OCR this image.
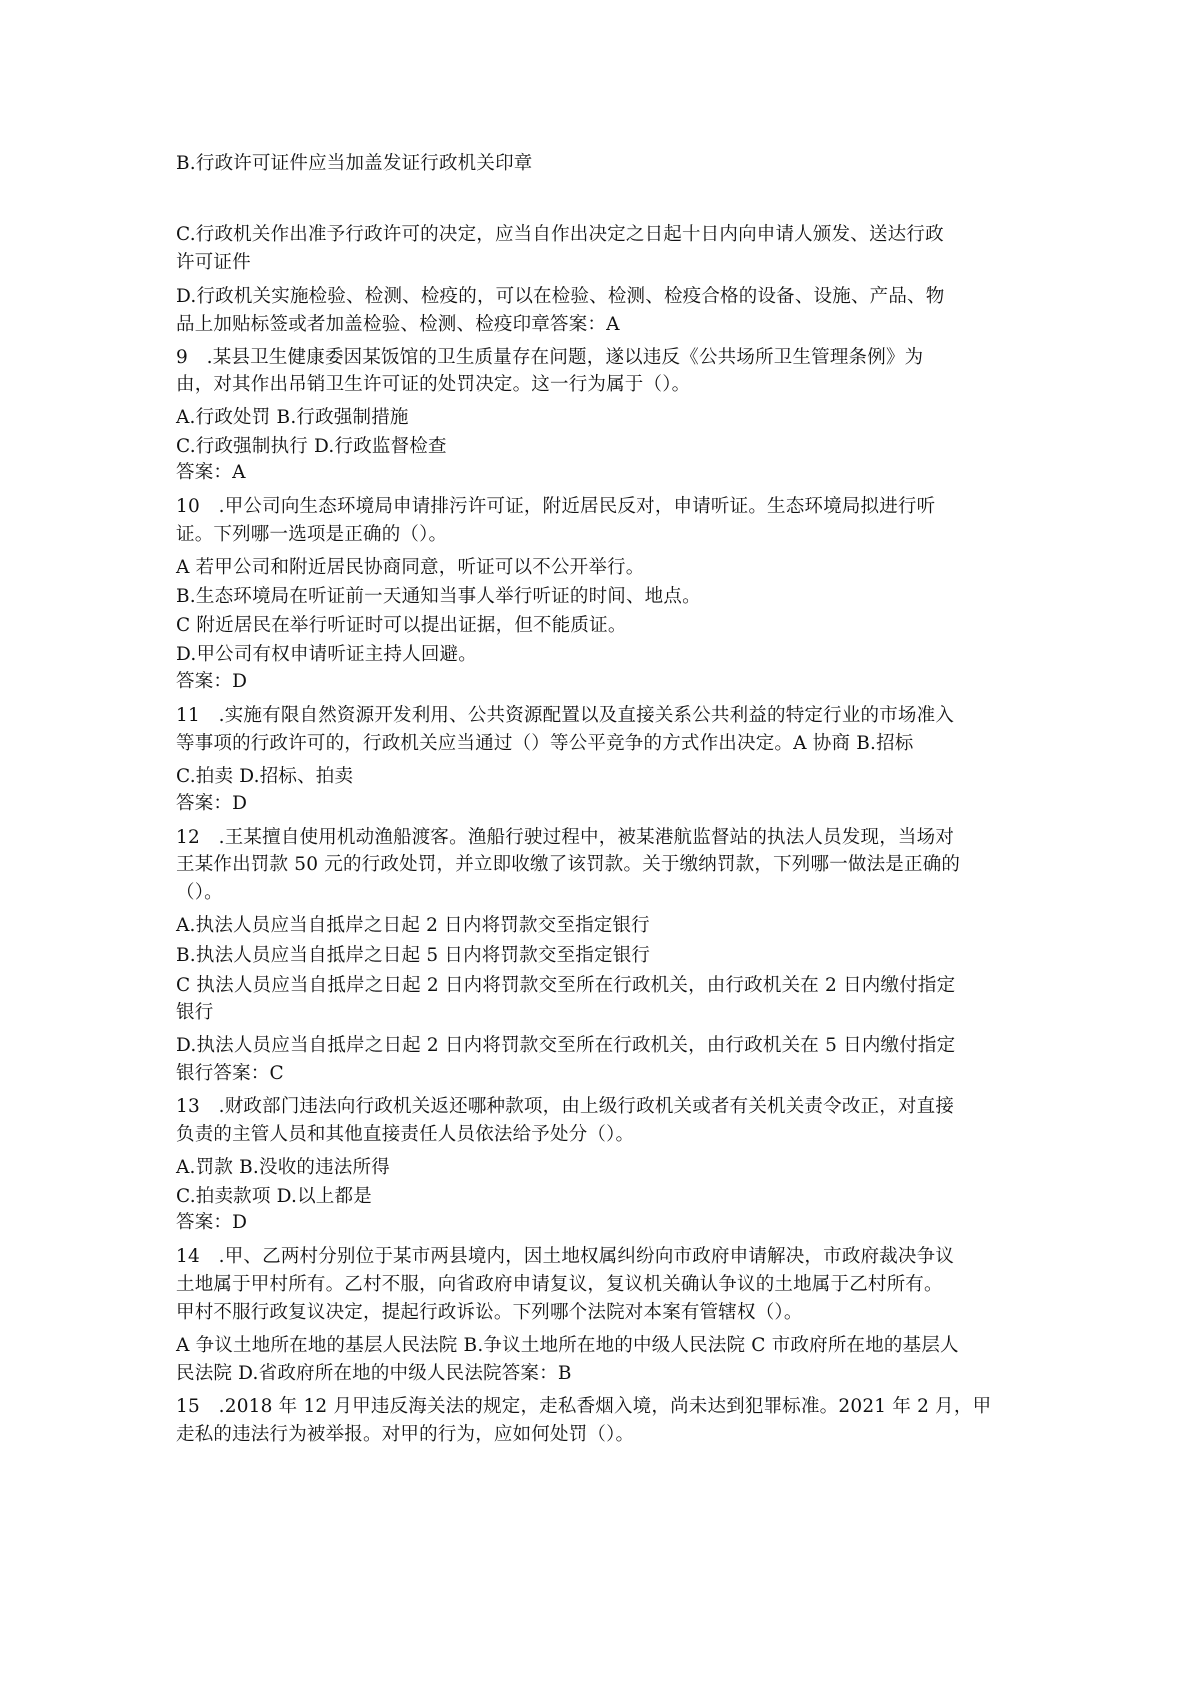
B.行政许可证件应当加盖发证行政机关印章
C.行政机关作出准予行政许可的决定，应当自作出决定之日起十日内向申请人颁发、送达行政
许可证件
D.行政机关实施检验、检测、检疫的，可以在检验、检测、检疫合格的设备、设施、产品、物
品上加贴标签或者加盖检验、检测、检疫印章答案：A
9　.某县卫生健康委因某饭馆的卫生质量存在问题，遂以违反《公共场所卫生管理条例》为
由，对其作出吊销卫生许可证的处罚决定。这一行为属于（）。
A.行政处罚 B.行政强制措施
C.行政强制执行 D.行政监督检查
答案：A
10　.甲公司向生态环境局申请排污许可证，附近居民反对，申请听证。生态环境局拟进行听
证。下列哪一选项是正确的（）。
A 若甲公司和附近居民协商同意，听证可以不公开举行。
B.生态环境局在听证前一天通知当事人举行听证的时间、地点。
C 附近居民在举行听证时可以提出证据，但不能质证。
D.甲公司有权申请听证主持人回避。
答案：D
11　.实施有限自然资源开发利用、公共资源配置以及直接关系公共利益的特定行业的市场准入
等事项的行政许可的，行政机关应当通过（）等公平竞争的方式作出决定。A 协商 B.招标
C.拍卖 D.招标、拍卖
答案：D
12　.王某擅自使用机动渔船渡客。渔船行驶过程中，被某港航监督站的执法人员发现，当场对
王某作出罚款 50 元的行政处罚，并立即收缴了该罚款。关于缴纳罚款，下列哪一做法是正确的
（）。
A.执法人员应当自抵岸之日起 2 日内将罚款交至指定银行
B.执法人员应当自抵岸之日起 5 日内将罚款交至指定银行
C 执法人员应当自抵岸之日起 2 日内将罚款交至所在行政机关，由行政机关在 2 日内缴付指定
银行
D.执法人员应当自抵岸之日起 2 日内将罚款交至所在行政机关，由行政机关在 5 日内缴付指定
银行答案：C
13　.财政部门违法向行政机关返还哪种款项，由上级行政机关或者有关机关责令改正，对直接
负责的主管人员和其他直接责任人员依法给予处分（）。
A.罚款 B.没收的违法所得
C.拍卖款项 D.以上都是
答案：D
14　.甲、乙两村分别位于某市两县境内，因土地权属纠纷向市政府申请解决，市政府裁决争议
土地属于甲村所有。乙村不服，向省政府申请复议，复议机关确认争议的土地属于乙村所有。
甲村不服行政复议决定，提起行政诉讼。下列哪个法院对本案有管辖权（）。
A 争议土地所在地的基层人民法院 B.争议土地所在地的中级人民法院 C 市政府所在地的基层人
民法院 D.省政府所在地的中级人民法院答案：B
15　.2018 年 12 月甲违反海关法的规定，走私香烟入境，尚未达到犯罪标准。2021 年 2 月，甲
走私的违法行为被举报。对甲的行为，应如何处罚（）。
